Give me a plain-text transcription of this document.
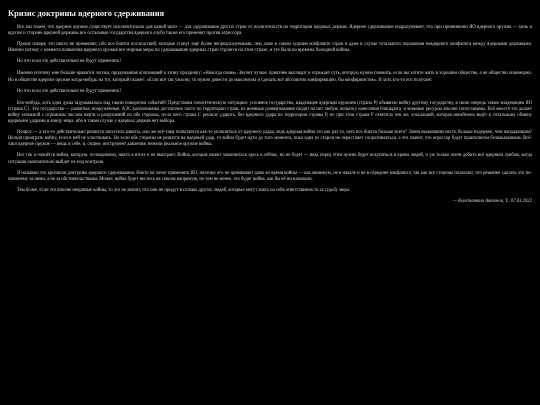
Кризис доктрины ядерного сдерживания

Все мы знаем, что ядерное оружие существует исключительно для одной цели — для сдерживания других стран от посягательств на территории ядерных держав. Ядерное сдерживание подразумевает, что при применении ЯО ядерного оружия — цель и кругом и стороне ядерной державы все остальные государства ядерного клуба также его применят против агрессора.

Проще говоря, это никто не применяет, ибо все боятся последствий, которые станут ещё более непредсказуемыми, чем даже в самом худшем конфликте стран и даже в случае тотального поражения неядерного конфликта между ядерными державами. Именно потому с момента появления ядерного оружия все мирные меры по сдерживанию ядерных стран строятся на этом страхе, и это было во времена Холодной войны.

Но что если это действительно не будут применять?

Именно поэтому мне больше нравится логика, придуманная оппозицией к этому празднику: «Никогда снова». Звучит лучше, приятнее выглядит и отражает суть, которую нужно помнить, если вы хотите жить в хорошем обществе, а не общество лицемерии. Но в обществе ядерное оружие когда-нибудь на тот, который скажет: «Если всё так ужасно, то нужно довести до максимума и сделать всё абсолютно конфирмацию, бы конфирмистов». И хоть кто-то его получает.

Но что если это действительно не будут применять?

Кто-нибудь, хоть одна душа задумывалась над таким поворотом событий? Представим гипотетическую ситуацию: условное государство, владеющее ядерным оружием (страна Р) объявило войну другому государству, в свою очередь также владеющим ЯО (страна С). Эти государства — развитые, вооружённые, АЭС расположены достаточно часто по территории стран, их военные развертывания сводят на нет любую попытку нанесения блицкрига, и военные ресурсы вполне сопоставимы. Всё вместе это делает войну затяжной с огромным числом жертв и разрушений по обе стороны, из-за чего страна С решила ударить, без ядерного удара по территории страны Р, но при этом страна Р ответила тем же, эскалацией, которая неизбежно ведёт к тотальному обмену ядерными ударами и концу мира, ибо в таком случае у ядерных держав нет выбора.

Вопрос — а кто-то действительно решится запустить ракеты, или же всё-таки попытается как-то уклониться от ядерного удара, ведь ядерная война это как раз то, чего все боятся больше всего? Зачем выжившим нести больше издержек, чем нападающим? Нельзя проиграть войну, если в ней не участвовать. Но если обе стороны не решатся на ядерный удар, то война будет идти до того момента, пока одна из сторон не перестанет сопротивляться, а это значит, что агрессор будет практически безнаказанным. Всё-таки ядерное оружие — вещь в себе, и, скорее, инструмент давления, нежели реальное оружие войны.

Вот так и начнётся война, которую, по-видимому, никто в итоге и не выиграет. Война, которая может закончиться здесь и сейчас, но не будет — ведь перед этим нужно будет искупиться в крови людей, и уж только затем добить всё ядерным грибом, когда ситуация окончательно выйдет из-под контроля.

Я называю это кризисом доктрины ядерного сдерживания. Никто не хочет применять ЯО, поэтому его не применяют даже во время войны — как минимум, не в начале и не в середине конфликта, так как все стороны полагают, что решение сделать это по-прежнему за ними, а не за обстоятельствами. Может, война будет вестись не совсем напрямую, но тем не менее, это будет война, как бы её ни называли.

Тем более, если это вполне непрямые войны, то это не значит, что они не придут в головы других людей, которые могут взять на себя ответственность за судьбу мира.

— Константин Антонов, Т., 07.03.2022
